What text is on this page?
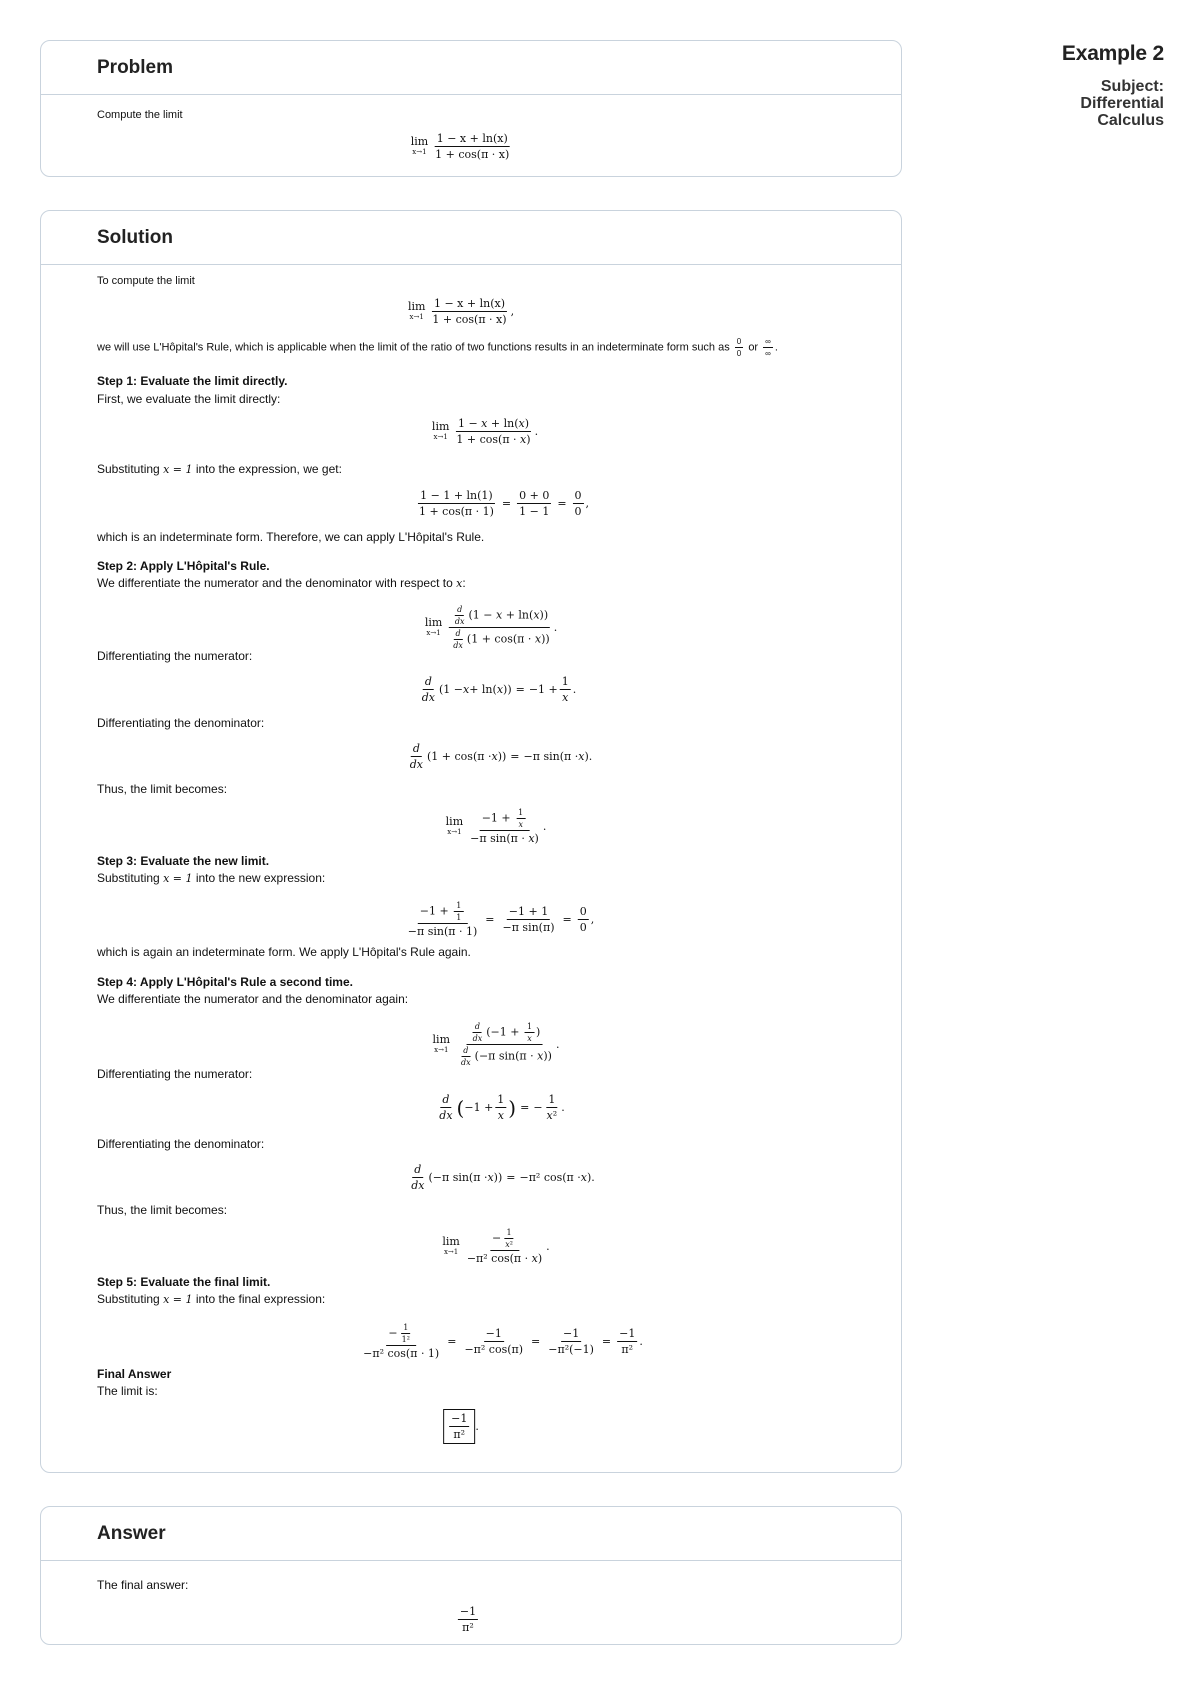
Example 2
Subject: Differential Calculus
Problem
Compute the limit
lim
$x\to 1 \frac{1 - x + \ln(x)}{1 + \cos(\pi \cdot x)}$
Solution
To compute the limit
lim
$x\to 1 \frac{1 - x + \ln(x)}{1 + \cos(\pi \cdot x)}$ ,
we will use L'Hôpital's Rule, which is applicable when the limit of the ratio of two functions results in an indeterminate form such as $\frac{0}{0}$ or $\frac{\infty}{\infty}$ .
Step 1: Evaluate the limit directly.
First, we evaluate the limit directly:
lim
$x\to 1 \frac{1 - x + \ln(x)}{1 + \cos(\pi \cdot x)}$ .
Substituting x = 1 into the expression, we get:
$\frac{1 - 1 + \ln(1)}{1 + \cos(\pi \cdot 1)} = \frac{0 + 0}{1 - 1} = \frac{0}{0}$ ,
which is an indeterminate form. Therefore, we can apply L'Hôpital's Rule.
Step 2: Apply L'Hôpital's Rule.
We differentiate the numerator and the denominator with respect to x:
lim
$x\to 1 \frac{\frac{d}{dx} (1 - x + \ln(x))}{\frac{d}{dx} (1 + \cos(\pi \cdot x))}$ .
Differentiating the numerator:
$\frac{d}{dx} (1 - x + \ln$( x )) = $-1 + \frac{1}{x}$ .
Differentiating the denominator:
$\frac{d}{dx} (1 + \cos(\pi \cdot x$ )) = −π sin(π · x ).
Thus, the limit becomes:
lim
$x\to 1 \frac{-1 + \frac{1}{x}}{\text{−π sin(π · x)}}$ .
Step 3: Evaluate the new limit.
Substituting x = 1 into the new expression:
$\frac{-1 + \frac{1}{1}}{\text{−π sin(π · 1)}} = \frac{-1 + 1}{\text{−π sin(π)}} = \frac{0}{0}$ ,
which is again an indeterminate form. We apply L'Hôpital's Rule again.
Step 4: Apply L'Hôpital's Rule a second time.
We differentiate the numerator and the denominator again:
lim
$x\to 1 \frac{\frac{d}{dx} (-1 + \frac{1}{x} )}{\frac{d}{dx} (-\pi \sin(\pi \cdot x))}$ .
Differentiating the numerator:
$\frac{d}{dx}$ ( $-1 + \frac{1}{x}$ ) = − $\frac{1}{\text{x²}}$ .
Differentiating the denominator:
$\frac{d}{dx} (-\pi$ sin(π · x )) = −π² cos(π · x ).
Thus, the limit becomes:
lim
$x\to 1 \frac{- \frac{1}{\text{x²}}}{\text{−π² cos(π · x)}}$ .
Step 5: Evaluate the final limit.
Substituting x = 1 into the final expression:
$\frac{- \frac{1}{\text{1²}}}{\text{−π² cos(π · 1)}} = \frac{-1}{\text{−π² cos(π)}} = \frac{-1}{\text{−π²(−1)}} = \frac{-1}{\text{π²}}$ .
Final Answer
The limit is:
$\frac{-1}{\text{π²}}$ .
Answer
The final answer:
$\frac{-1}{\text{π²}}$
